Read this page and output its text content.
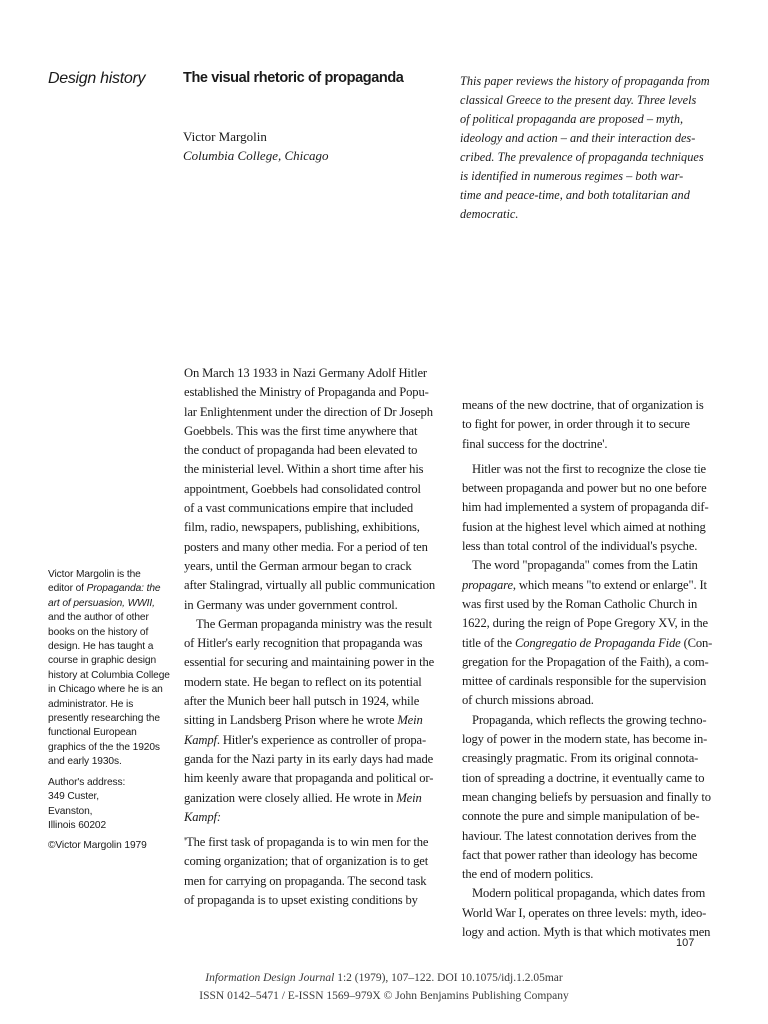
Design history	The visual rhetoric of propaganda
Victor Margolin
Columbia College, Chicago
This paper reviews the history of propaganda from
classical Greece to the present day. Three levels
of political propaganda are proposed – myth,
ideology and action – and their interaction des-
cribed. The prevalence of propaganda techniques
is identified in numerous regimes – both war-
time and peace-time, and both totalitarian and
democratic.
Victor Margolin is the
editor of Propaganda: the
art of persuasion, WWII,
and the author of other
books on the history of
design. He has taught a
course in graphic design
history at Columbia College
in Chicago where he is an
administrator. He is
presently researching the
functional European
graphics of the the 1920s
and early 1930s.
Author's address:
349 Custer,
Evanston,
Illinois 60202
©Victor Margolin 1979

On March 13 1933 in Nazi Germany Adolf Hitler
established the Ministry of Propaganda and Popu-
lar Enlightenment under the direction of Dr Joseph
Goebbels. This was the first time anywhere that
the conduct of propaganda had been elevated to
the ministerial level. Within a short time after his
appointment, Goebbels had consolidated control
of a vast communications empire that included
film, radio, newspapers, publishing, exhibitions,
posters and many other media. For a period of ten
years, until the German armour began to crack
after Stalingrad, virtually all public communication
in Germany was under government control.

The German propaganda ministry was the result
of Hitler's early recognition that propaganda was
essential for securing and maintaining power in the
modern state. He began to reflect on its potential
after the Munich beer hall putsch in 1924, while
sitting in Landsberg Prison where he wrote Mein
Kampf. Hitler's experience as controller of propa-
ganda for the Nazi party in its early days had made
him keenly aware that propaganda and political or-
ganization were closely allied. He wrote in Mein
Kampf:

'The first task of propaganda is to win men for the
coming organization; that of organization is to get
men for carrying on propaganda. The second task
of propaganda is to upset existing conditions by

means of the new doctrine, that of organization is
to fight for power, in order through it to secure
final success for the doctrine'.

Hitler was not the first to recognize the close tie
between propaganda and power but no one before
him had implemented a system of propaganda dif-
fusion at the highest level which aimed at nothing
less than total control of the individual's psyche.

The word "propaganda" comes from the Latin
propagare, which means "to extend or enlarge". It
was first used by the Roman Catholic Church in
1622, during the reign of Pope Gregory XV, in the
title of the Congregatio de Propaganda Fide (Con-
gregation for the Propagation of the Faith), a com-
mittee of cardinals responsible for the supervision
of church missions abroad.

Propaganda, which reflects the growing techno-
logy of power in the modern state, has become in-
creasingly pragmatic. From its original connota-
tion of spreading a doctrine, it eventually came to
mean changing beliefs by persuasion and finally to
connote the pure and simple manipulation of be-
haviour. The latest connotation derives from the
fact that power rather than ideology has become
the end of modern politics.

Modern political propaganda, which dates from
World War I, operates on three levels: myth, ideo-
logy and action. Myth is that which motivates men

107
Information Design Journal 1:2 (1979), 107–122. DOI 10.1075/idj.1.2.05mar
ISSN 0142–5471 / E-ISSN 1569–979X © John Benjamins Publishing Company
